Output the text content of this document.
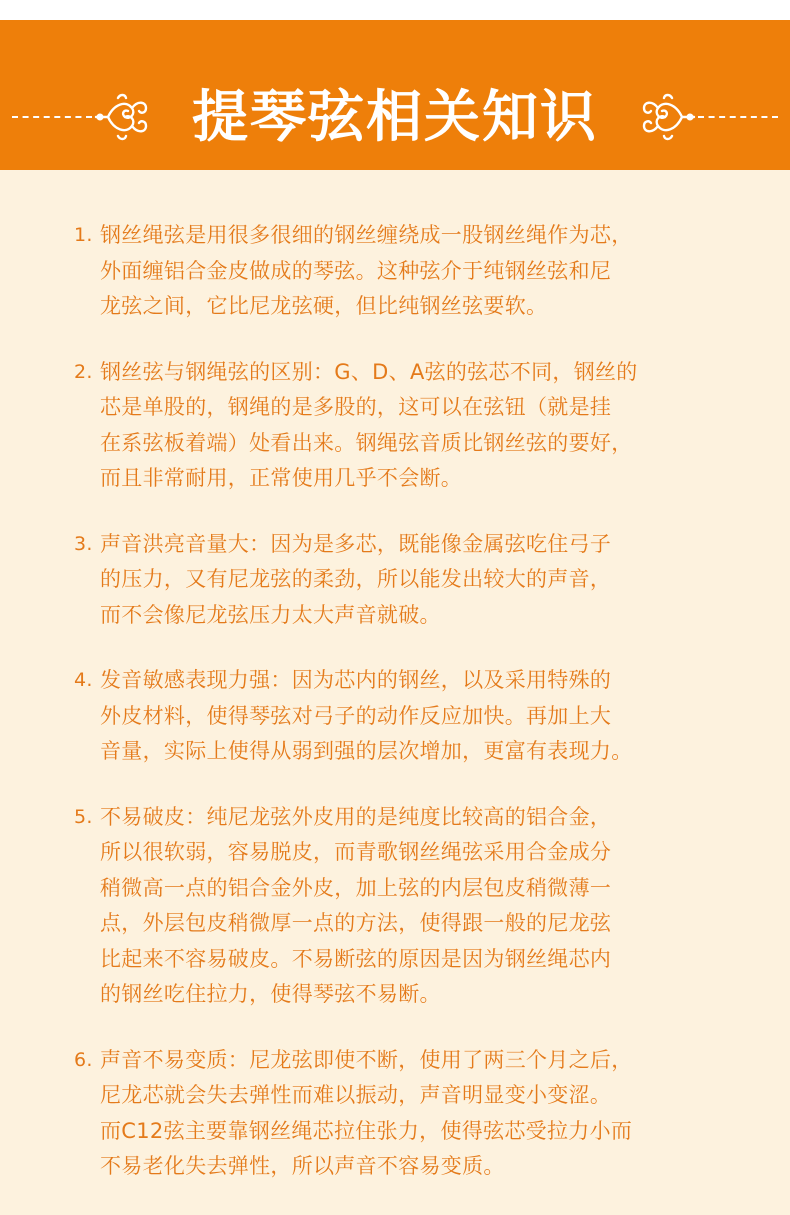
提琴弦相关知识
1. 钢丝绳弦是用很多很细的钢丝缠绕成一股钢丝绳作为芯，
外面缠铝合金皮做成的琴弦。这种弦介于纯钢丝弦和尼
龙弦之间，它比尼龙弦硬，但比纯钢丝弦要软。
2. 钢丝弦与钢绳弦的区别：G、D、A弦的弦芯不同，钢丝的
芯是单股的，钢绳的是多股的，这可以在弦钮（就是挂
在系弦板着端）处看出来。钢绳弦音质比钢丝弦的要好，
而且非常耐用，正常使用几乎不会断。
3. 声音洪亮音量大：因为是多芯，既能像金属弦吃住弓子
的压力，又有尼龙弦的柔劲，所以能发出较大的声音，
而不会像尼龙弦压力太大声音就破。
4. 发音敏感表现力强：因为芯内的钢丝，以及采用特殊的
外皮材料，使得琴弦对弓子的动作反应加快。再加上大
音量，实际上使得从弱到强的层次增加，更富有表现力。
5. 不易破皮：纯尼龙弦外皮用的是纯度比较高的铝合金，
所以很软弱，容易脱皮，而青歌钢丝绳弦采用合金成分
稍微高一点的铝合金外皮，加上弦的内层包皮稍微薄一
点，外层包皮稍微厚一点的方法，使得跟一般的尼龙弦
比起来不容易破皮。不易断弦的原因是因为钢丝绳芯内
的钢丝吃住拉力，使得琴弦不易断。
6. 声音不易变质：尼龙弦即使不断，使用了两三个月之后，
尼龙芯就会失去弹性而难以振动，声音明显变小变涩。
而C12弦主要靠钢丝绳芯拉住张力，使得弦芯受拉力小而
不易老化失去弹性，所以声音不容易变质。
